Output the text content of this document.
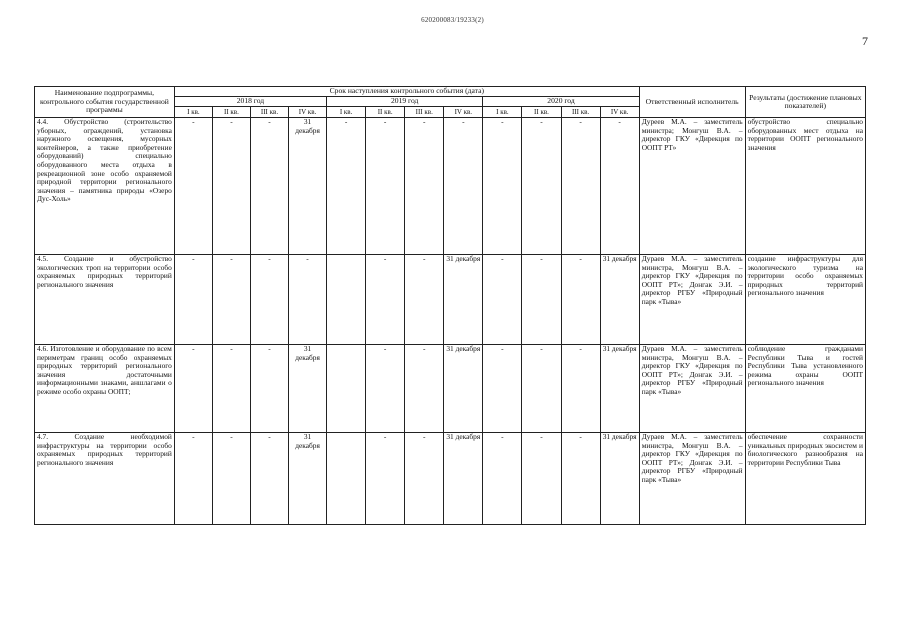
620200083/19233(2)
7
Наименование подпрограммы, контрольного события государственной программы	Срок наступления контрольного события (дата)												Ответственный исполнитель	Результаты (достижение плановых показателей)
	2018 год				2019 год				2020 год					
	I кв.	II кв.	III кв.	IV кв.	I кв.	II кв.	III кв.	IV кв.	I кв.	II кв.	III кв.	IV кв.		
4.4. Обустройство (строительство уборных, ограждений, установка наружного освещения, мусорных контейнеров, а также приобретение оборудований) специально оборудованного места отдыха в рекреационной зоне особо охраняемой природной территории регионального значения – памятника природы «Озеро Дус-Холь»	-	-	-	31 декабря	-	-	-	-	-	-	-	-	Дуреев М.А. – заместитель министра; Монгуш В.А. – директор ГКУ «Дирекция по ООПТ РТ»	обустройство специально оборудованных мест отдыха на территории ООПТ регионального значения
4.5. Создание и обустройство экологических троп на территории особо охраняемых природных территорий регионального значения	-	-	-	-		-	-	31 декабря	-	-	-	31 декабря	Дураев М.А. – заместитель министра, Монгуш В.А. – директор ГКУ «Дирекция по ООПТ РТ»; Донгак Э.И. – директор РГБУ «Природный парк «Тыва»	создание инфраструктуры для экологического туризма на территории особо охраняемых природных территорий регионального значения
4.6. Изготовление и оборудование по всем периметрам границ особо охраняемых природных территорий регионального значения достаточными информационными знаками, аншлагами о режиме особо охраны ООПТ;	-	-	-	31 декабря		-	-	31 декабря	-	-	-	31 декабря	Дураев М.А. – заместитель министра, Монгуш В.А. – директор ГКУ «Дирекция по ООПТ РТ»; Донгак Э.И. – директор РГБУ «Природный парк «Тыва»	соблюдение гражданами Республики Тыва и гостей Республики Тыва установленного режима охраны ООПТ регионального значения
4.7. Создание необходимой инфраструктуры на территории особо охраняемых природных территорий регионального значения	-	-	-	31 декабря		-	-	31 декабря	-	-	-	31 декабря	Дураев М.А. – заместитель министра, Монгуш В.А. – директор ГКУ «Дирекция по ООПТ РТ»; Донгак Э.И. – директор РГБУ «Природный парк «Тыва»	обеспечение сохранности уникальных природных экосистем и биологического разнообразия на территории Республики Тыва
